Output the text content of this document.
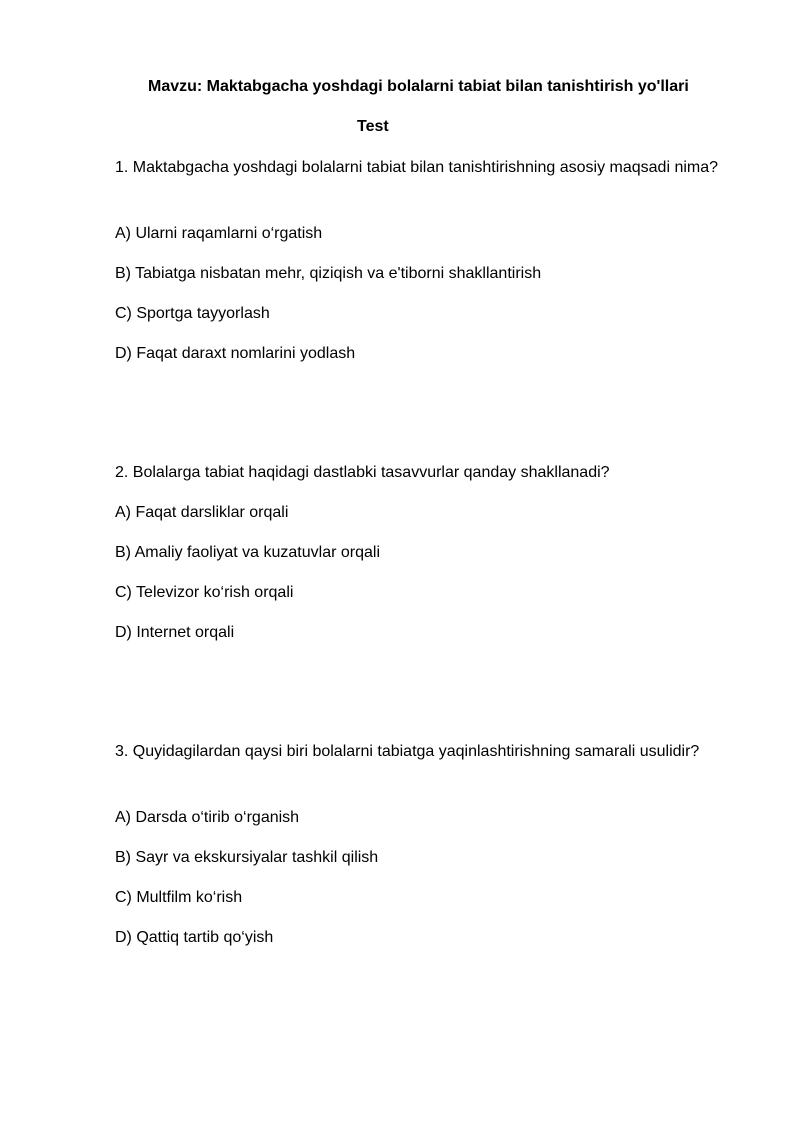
Mavzu: Maktabgacha yoshdagi bolalarni tabiat bilan tanishtirish yo'llari
Test
1. Maktabgacha yoshdagi bolalarni tabiat bilan tanishtirishning asosiy maqsadi nima?
A) Ularni raqamlarni o‘rgatish
B) Tabiatga nisbatan mehr, qiziqish va e'tiborni shakllantirish
C) Sportga tayyorlash
D) Faqat daraxt nomlarini yodlash
2. Bolalarga tabiat haqidagi dastlabki tasavvurlar qanday shakllanadi?
A) Faqat darsliklar orqali
B) Amaliy faoliyat va kuzatuvlar orqali
C) Televizor ko‘rish orqali
D) Internet orqali
3. Quyidagilardan qaysi biri bolalarni tabiatga yaqinlashtirishning samarali usulidir?
A) Darsda o‘tirib o‘rganish
B) Sayr va ekskursiyalar tashkil qilish
C) Multfilm ko‘rish
D) Qattiq tartib qo‘yish
